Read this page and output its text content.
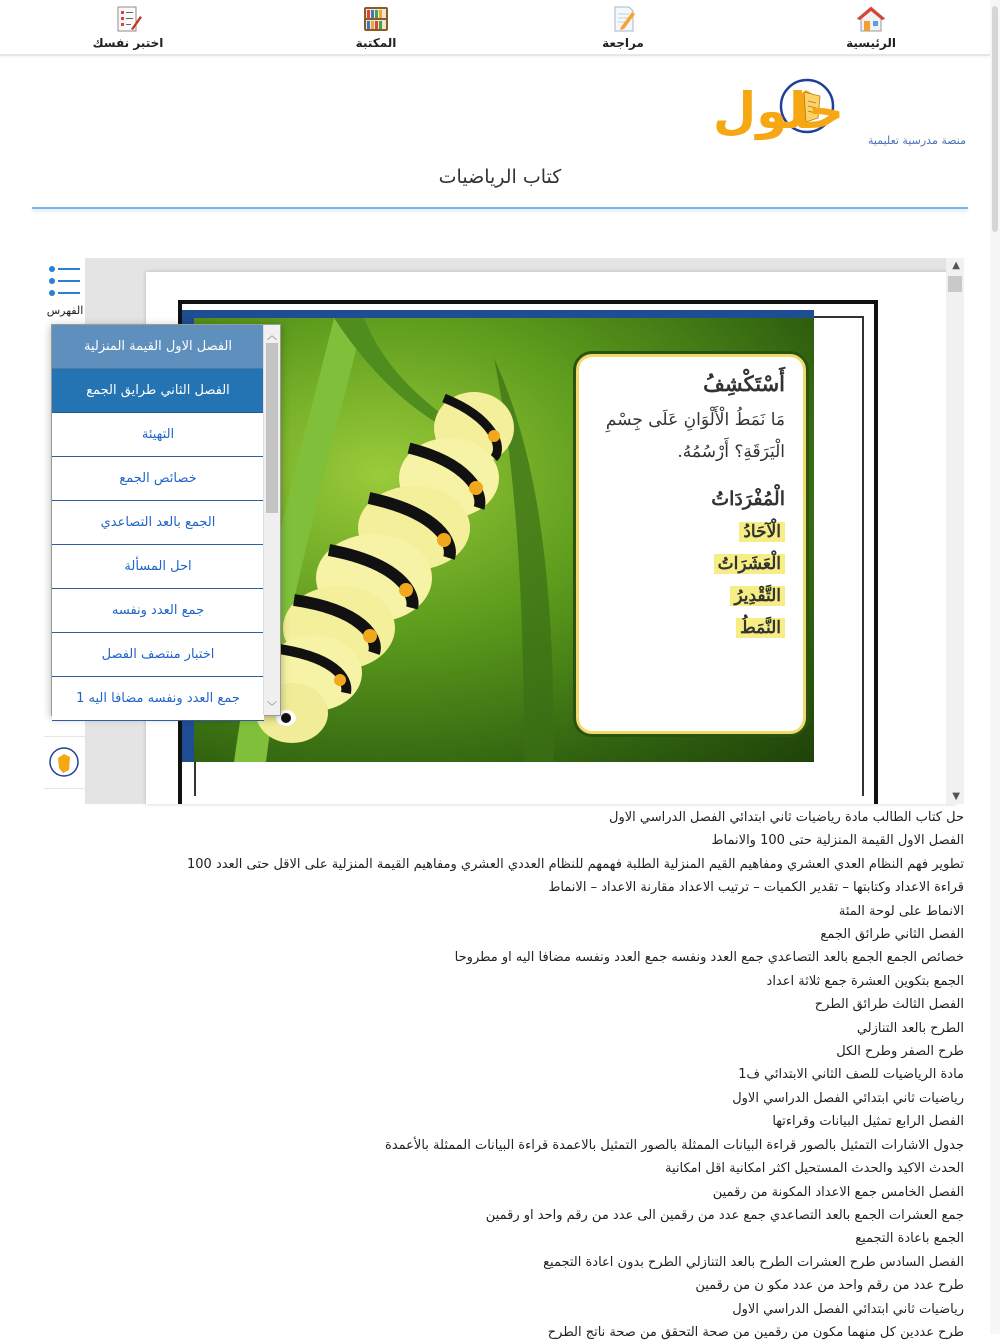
الرئيسية
مراجعة
المكتبة
اختبر نفسك
حلول
منصة مدرسية تعليمية
كتاب الرياضيات
الفهرس
أَسْتَكْشِفُ
مَا نَمَطُ الْأَلْوَانِ عَلَى جِسْمِ
الْيَرَقَةِ؟ أَرْسُمُهُ.
الْمُفْرَدَاتُ
الْآحَادُ
الْعَشَرَاتُ
التَّقْدِيرُ
النَّمَطُ
▲
▼
الفصل الاول القيمة المنزلية
الفصل الثاني طرايق الجمع
التهيئة
خصائص الجمع
الجمع بالعد التصاعدي
احل المسألة
جمع العدد ونفسه
اختبار منتصف الفصل
جمع العدد ونفسه مضافا اليه 1
︿
﹀
حل كتاب الطالب مادة رياضيات ثاني ابتدائي الفصل الدراسي الاول
الفصل الاول القيمة المنزلية حتى 100 والانماط
تطوير فهم النظام العدي العشري ومفاهيم القيم المنزلية الطلبة فهمهم للنظام العددي العشري ومفاهيم القيمة المنزلية على الاقل حتى العدد 100
قراءة الاعداد وكتابتها – تقدير الكميات – ترتيب الاعداد مقارنة الاعداد – الانماط
الانماط على لوحة المئة
الفصل الثاني طرائق الجمع
خصائص الجمع الجمع بالعد التصاعدي جمع العدد ونفسه جمع العدد ونفسه مضافا اليه او مطروحا
الجمع بتكوين العشرة جمع ثلاثة اعداد
الفصل الثالث طرائق الطرح
الطرح بالعد التنازلي
طرح الصفر وطرح الكل
مادة الرياضيات للصف الثاني الابتدائي ف1
رياضيات ثاني ابتدائي الفصل الدراسي الاول
الفصل الرابع تمثيل البيانات وقراءتها
جدول الاشارات التمثيل بالصور قراءة البيانات الممثلة بالصور التمثيل بالاعمدة قراءة البيانات الممثلة بالأعمدة
الحدث الاكيد والحدث المستحيل اكثر امكانية اقل امكانية
الفصل الخامس جمع الاعداد المكونة من رقمين
جمع العشرات الجمع بالعد التصاعدي جمع عدد من رقمين الى عدد من رقم واحد او رقمين
الجمع باعادة التجميع
الفصل السادس طرح العشرات الطرح بالعد التنازلي الطرح بدون اعادة التجميع
طرح عدد من رقم واحد من عدد مكو ن من رقمين
رياضيات ثاني ابتدائي الفصل الدراسي الاول
طرح عددين كل منهما مكون من رقمين من صحة التحقق من صحة ناتج الطرح
